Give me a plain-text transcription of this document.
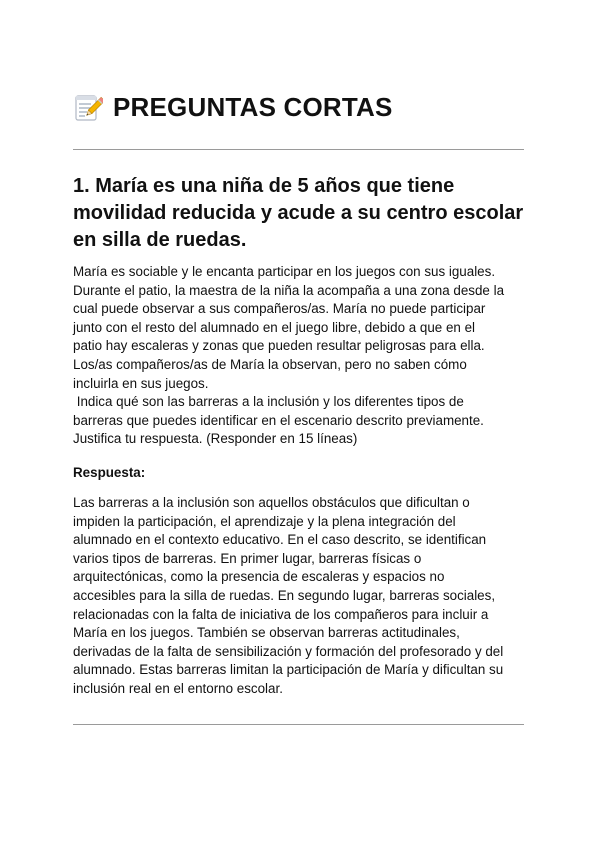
PREGUNTAS CORTAS
1. María es una niña de 5 años que tiene
movilidad reducida y acude a su centro escolar
en silla de ruedas.

María es sociable y le encanta participar en los juegos con sus iguales.
Durante el patio, la maestra de la niña la acompaña a una zona desde la
cual puede observar a sus compañeros/as. María no puede participar
junto con el resto del alumnado en el juego libre, debido a que en el
patio hay escaleras y zonas que pueden resultar peligrosas para ella.
Los/as compañeros/as de María la observan, pero no saben cómo
incluirla en sus juegos.
Indica qué son las barreras a la inclusión y los diferentes tipos de
barreras que puedes identificar en el escenario descrito previamente.
Justifica tu respuesta. (Responder en 15 líneas)

Respuesta:

Las barreras a la inclusión son aquellos obstáculos que dificultan o
impiden la participación, el aprendizaje y la plena integración del
alumnado en el contexto educativo. En el caso descrito, se identifican
varios tipos de barreras. En primer lugar, barreras físicas o
arquitectónicas, como la presencia de escaleras y espacios no
accesibles para la silla de ruedas. En segundo lugar, barreras sociales,
relacionadas con la falta de iniciativa de los compañeros para incluir a
María en los juegos. También se observan barreras actitudinales,
derivadas de la falta de sensibilización y formación del profesorado y del
alumnado. Estas barreras limitan la participación de María y dificultan su
inclusión real en el entorno escolar.
